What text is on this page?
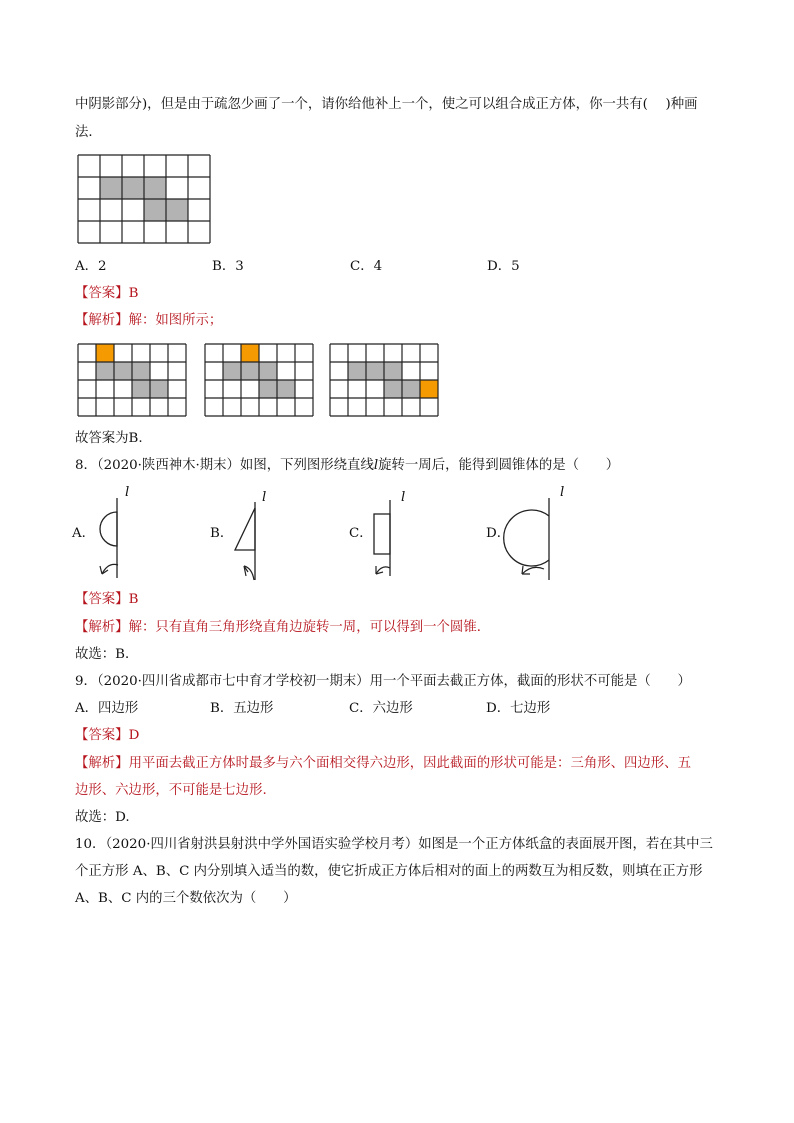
中阴影部分)，但是由于疏忽少画了一个，请你给他补上一个，使之可以组合成正方体，你一共有(　 )种画
法．
A．2	B．3	C．4	D．5
【答案】B
【解析】解：如图所示；
故答案为B.
8．（2020·陕西神木·期末）如图，下列图形绕直线l旋转一周后，能得到圆锥体的是（　　）
A．
l
B．
l
C．
l
D．
l
【答案】B
【解析】解：只有直角三角形绕直角边旋转一周，可以得到一个圆锥．
故选：B．
9．（2020·四川省成都市七中育才学校初一期末）用一个平面去截正方体，截面的形状不可能是（　　）
A．四边形	B．五边形	C．六边形	D．七边形
【答案】D
【解析】用平面去截正方体时最多与六个面相交得六边形，因此截面的形状可能是：三角形、四边形、五
边形、六边形，不可能是七边形.
故选：D.
10．（2020·四川省射洪县射洪中学外国语实验学校月考）如图是一个正方体纸盒的表面展开图，若在其中三
个正方形 A、B、C 内分别填入适当的数，使它折成正方体后相对的面上的两数互为相反数，则填在正方形
A、B、C 内的三个数依次为（　　）
